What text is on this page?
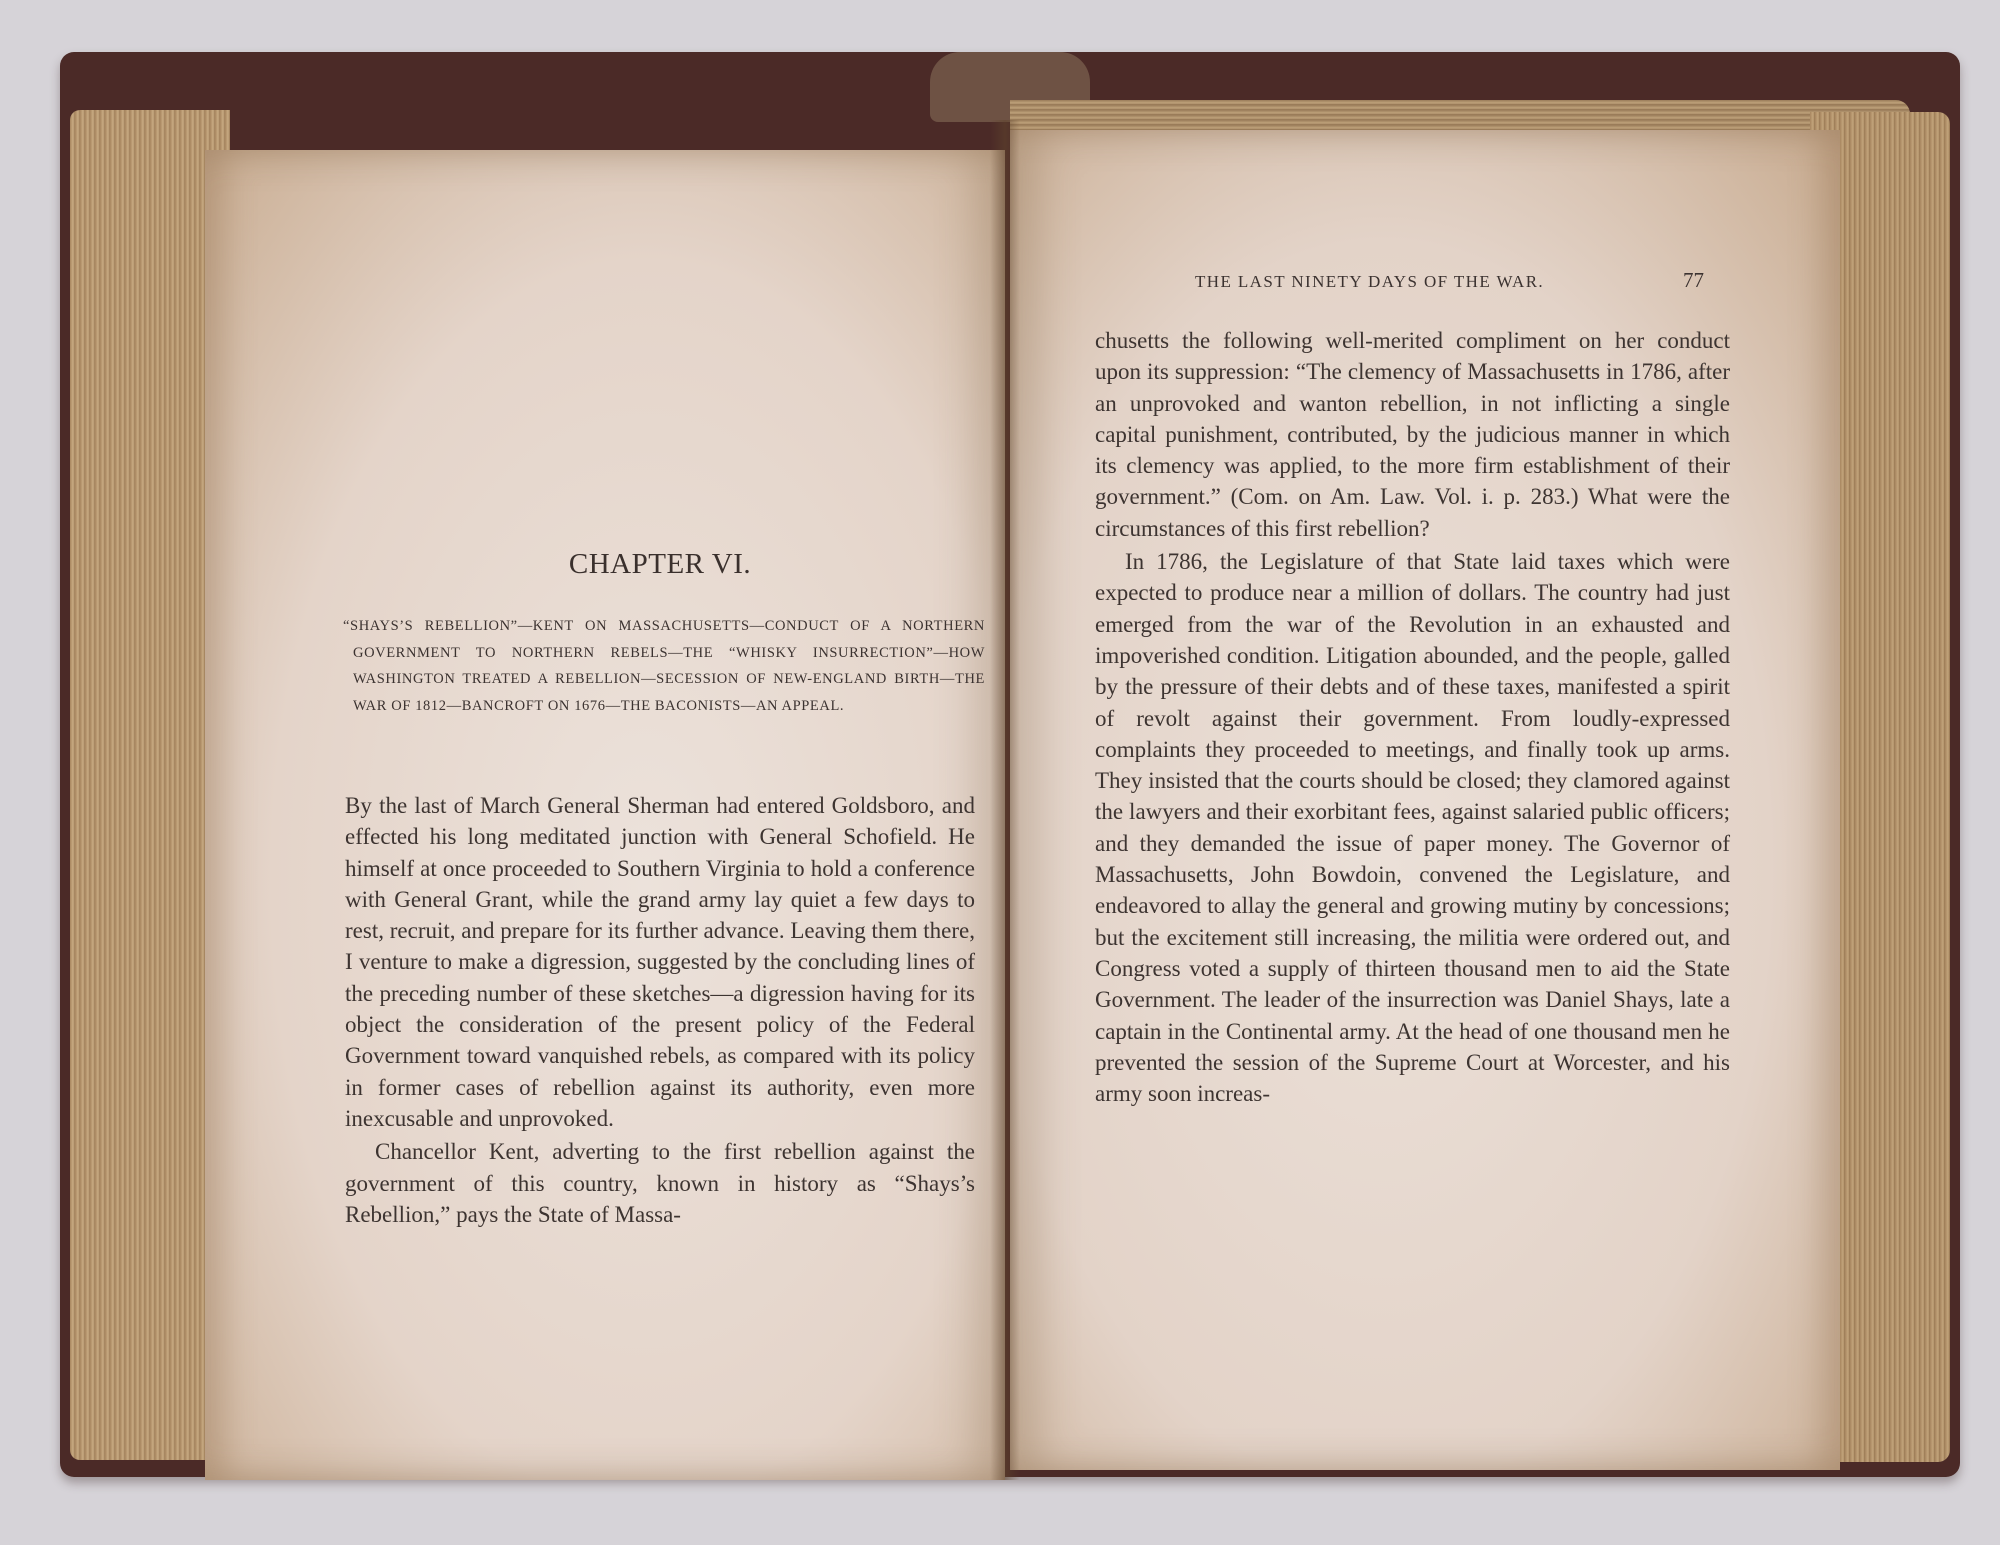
CHAPTER VI.
“SHAYS’S REBELLION”—KENT ON MASSACHUSETTS—CONDUCT OF A NORTHERN GOVERNMENT TO NORTHERN REBELS—THE “WHISKY INSURRECTION”—HOW WASHINGTON TREATED A REBELLION—SECESSION OF NEW-ENGLAND BIRTH—THE WAR OF 1812—BANCROFT ON 1676—THE BACONISTS—AN APPEAL.

By the last of March General Sherman had entered Goldsboro, and effected his long meditated junction with General Schofield. He himself at once proceeded to Southern Virginia to hold a conference with General Grant, while the grand army lay quiet a few days to rest, recruit, and prepare for its further advance. Leaving them there, I venture to make a digression, suggested by the concluding lines of the preceding number of these sketches—a digression having for its object the consideration of the present policy of the Federal Government toward vanquished rebels, as compared with its policy in former cases of rebellion against its authority, even more inexcusable and unprovoked.

Chancellor Kent, adverting to the first rebellion against the government of this country, known in history as “Shays’s Rebellion,” pays the State of Massa-

THE LAST NINETY DAYS OF THE WAR.	77

chusetts the following well-merited compliment on her conduct upon its suppression: “The clemency of Massachusetts in 1786, after an unprovoked and wanton rebellion, in not inflicting a single capital punishment, contributed, by the judicious manner in which its clemency was applied, to the more firm establishment of their government.” (Com. on Am. Law. Vol. i. p. 283.) What were the circumstances of this first rebellion?

In 1786, the Legislature of that State laid taxes which were expected to produce near a million of dollars. The country had just emerged from the war of the Revolution in an exhausted and impoverished condition. Litigation abounded, and the people, galled by the pressure of their debts and of these taxes, manifested a spirit of revolt against their government. From loudly-expressed complaints they proceeded to meetings, and finally took up arms. They insisted that the courts should be closed; they clamored against the lawyers and their exorbitant fees, against salaried public officers; and they demanded the issue of paper money. The Governor of Massachusetts, John Bowdoin, convened the Legislature, and endeavored to allay the general and growing mutiny by concessions; but the excitement still increasing, the militia were ordered out, and Congress voted a supply of thirteen thousand men to aid the State Government. The leader of the insurrection was Daniel Shays, late a captain in the Continental army. At the head of one thousand men he prevented the session of the Supreme Court at Worcester, and his army soon increas-
